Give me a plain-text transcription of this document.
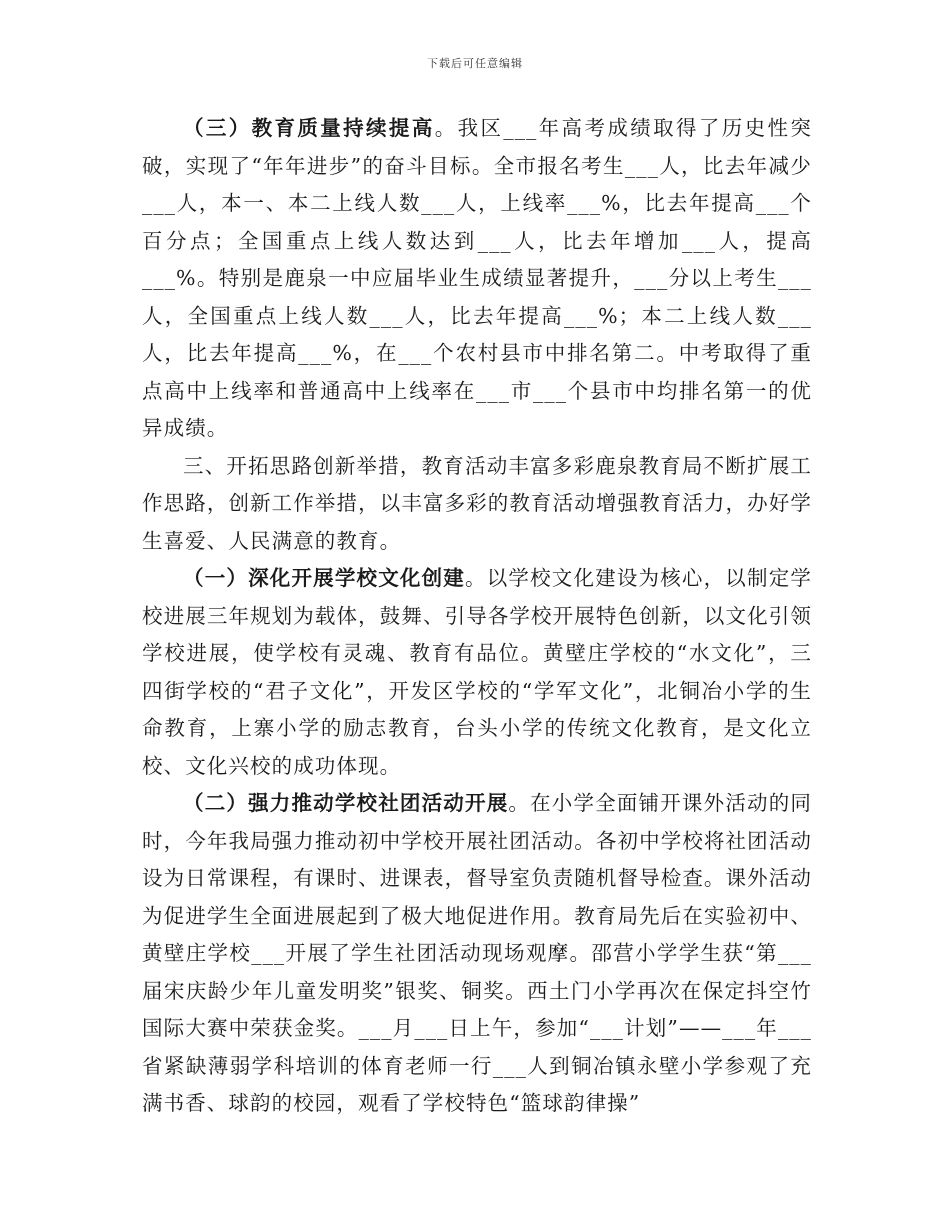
下载后可任意编辑

（三）教育质量持续提高。我区___年高考成绩取得了历史性突破，实现了“年年进步”的奋斗目标。全市报名考生___人，比去年减少___人，本一、本二上线人数___人，上线率___%，比去年提高___个百分点；全国重点上线人数达到___人，比去年增加___人，提高___%。特别是鹿泉一中应届毕业生成绩显著提升，___分以上考生___人，全国重点上线人数___人，比去年提高___%；本二上线人数___人，比去年提高___%，在___个农村县市中排名第二。中考取得了重点高中上线率和普通高中上线率在___市___个县市中均排名第一的优异成绩。

三、开拓思路创新举措，教育活动丰富多彩鹿泉教育局不断扩展工作思路，创新工作举措，以丰富多彩的教育活动增强教育活力，办好学生喜爱、人民满意的教育。

（一）深化开展学校文化创建。以学校文化建设为核心，以制定学校进展三年规划为载体，鼓舞、引导各学校开展特色创新，以文化引领学校进展，使学校有灵魂、教育有品位。黄壁庄学校的“水文化”，三四街学校的“君子文化”，开发区学校的“学军文化”，北铜冶小学的生命教育，上寨小学的励志教育，台头小学的传统文化教育，是文化立校、文化兴校的成功体现。

（二）强力推动学校社团活动开展。在小学全面铺开课外活动的同时，今年我局强力推动初中学校开展社团活动。各初中学校将社团活动设为日常课程，有课时、进课表，督导室负责随机督导检查。课外活动为促进学生全面进展起到了极大地促进作用。教育局先后在实验初中、黄壁庄学校___开展了学生社团活动现场观摩。邵营小学学生获“第___届宋庆龄少年儿童发明奖”银奖、铜奖。西土门小学再次在保定抖空竹国际大赛中荣获金奖。___月___日上午，参加“___计划”——___年___省紧缺薄弱学科培训的体育老师一行___人到铜冶镇永壁小学参观了充满书香、球韵的校园，观看了学校特色“篮球韵律操”
